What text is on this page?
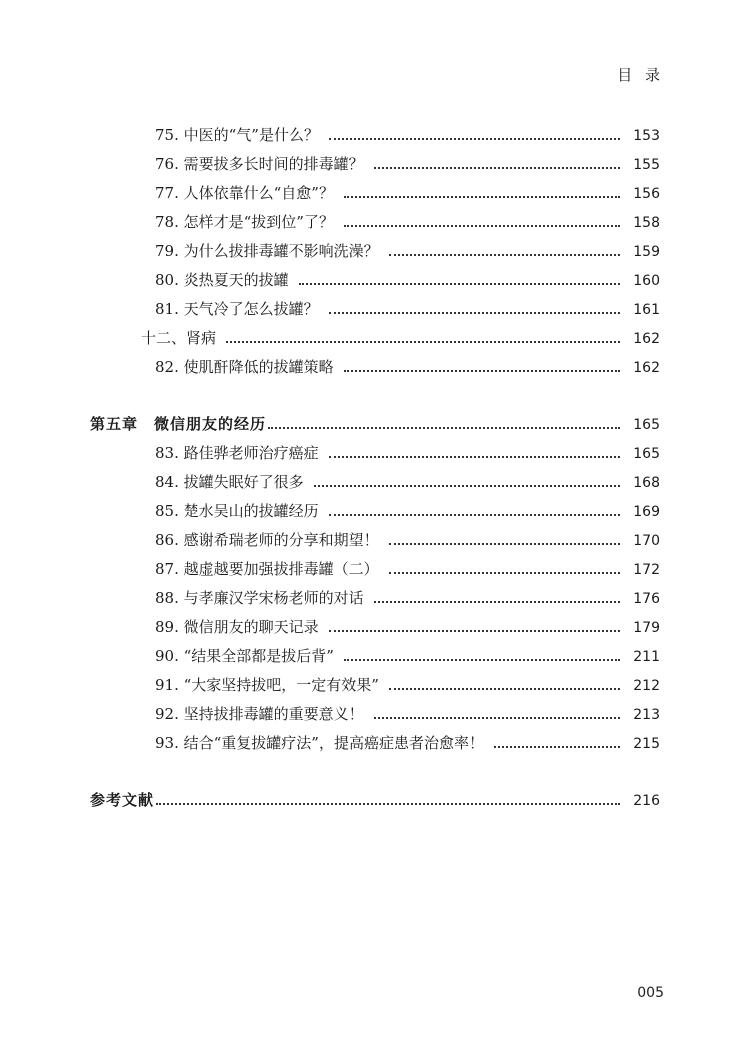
目 录
75. 中医的“气”是什么？	153
76. 需要拔多长时间的排毒罐？	155
77. 人体依靠什么“自愈”？	156
78. 怎样才是“拔到位”了？	158
79. 为什么拔排毒罐不影响洗澡？	159
80. 炎热夏天的拔罐	160
81. 天气冷了怎么拔罐？	161
十二、肾病	162
82. 使肌酐降低的拔罐策略	162
第五章　微信朋友的经历	165
83. 路佳骅老师治疗癌症	165
84. 拔罐失眠好了很多	168
85. 楚水吴山的拔罐经历	169
86. 感谢希瑞老师的分享和期望！	170
87. 越虚越要加强拔排毒罐（二）	172
88. 与孝廉汉学宋杨老师的对话	176
89. 微信朋友的聊天记录	179
90. “结果全部都是拔后背”	211
91. “大家坚持拔吧，一定有效果”	212
92. 坚持拔排毒罐的重要意义！	213
93. 结合“重复拔罐疗法”，提高癌症患者治愈率！	215
参考文献	216
005
